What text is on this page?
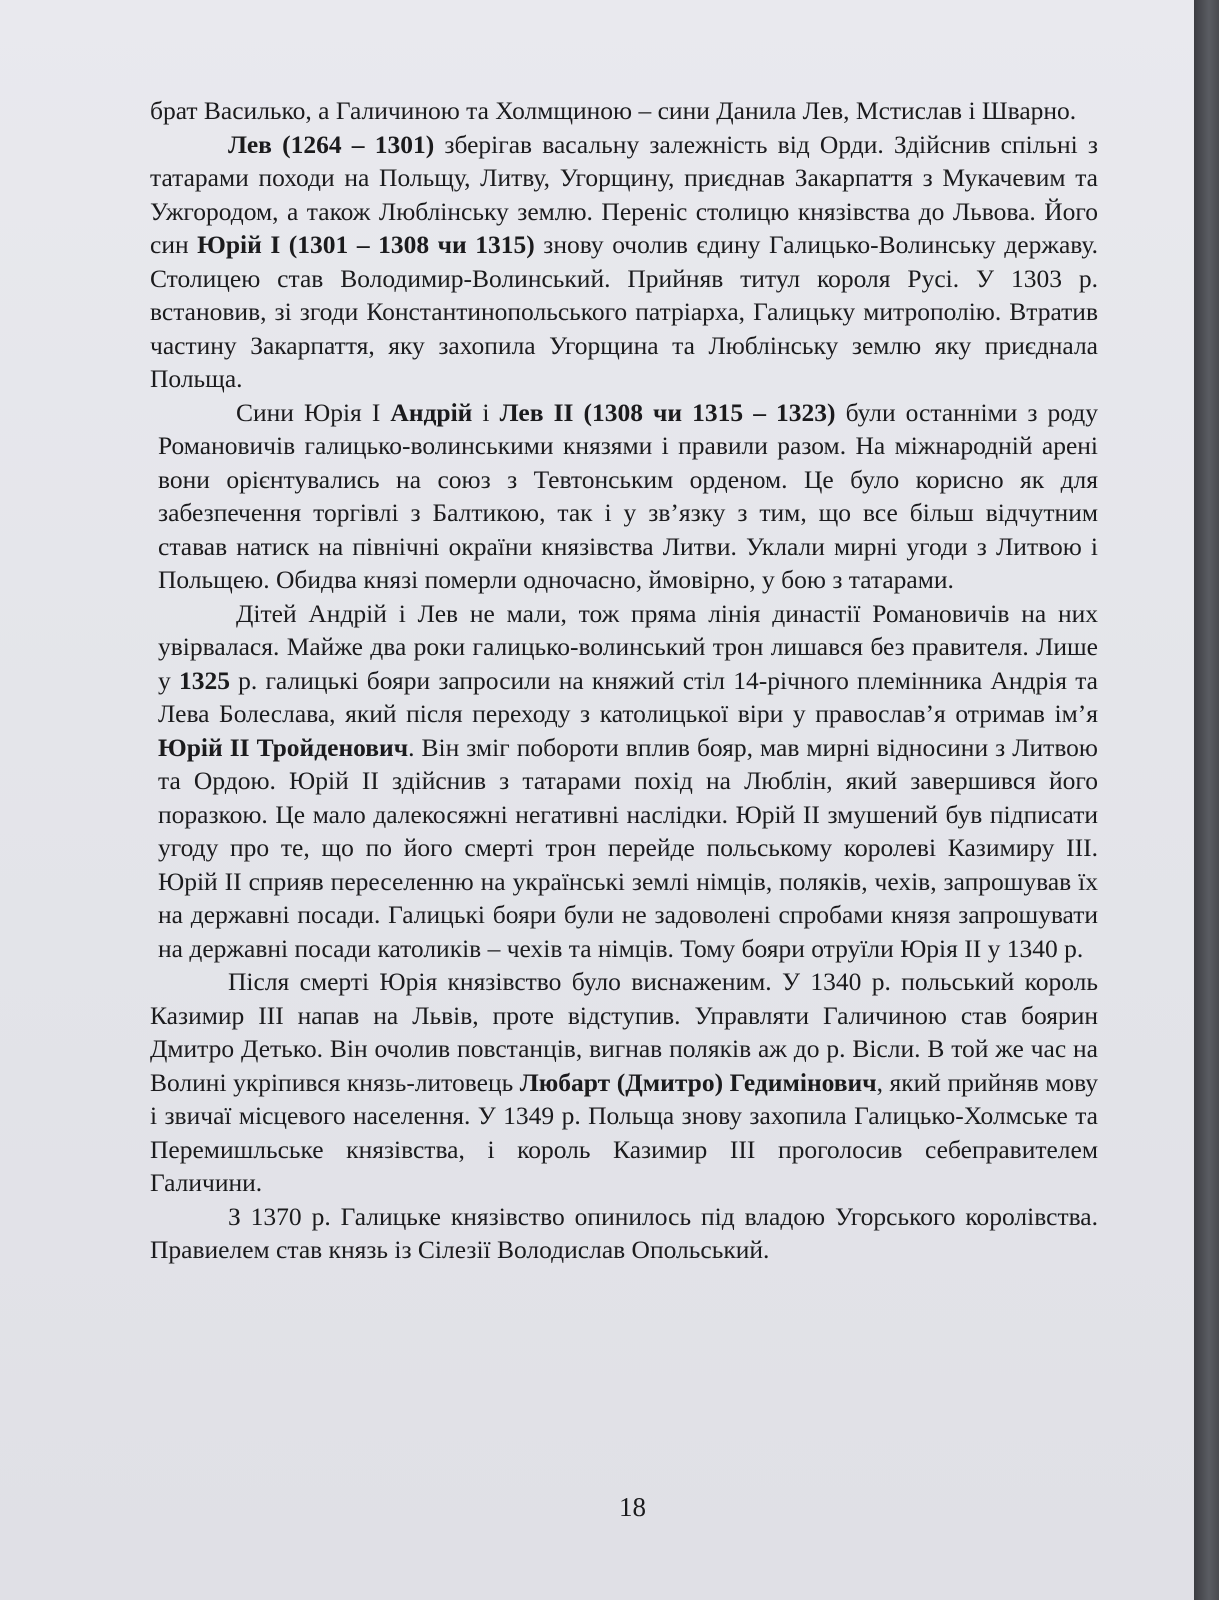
брат Василько, а Галичиною та Холмщиною – сини Данила Лев, Мстислав і Шварно.

Лев (1264 – 1301) зберігав васальну залежність від Орди. Здійснив спільні з татарами походи на Польщу, Литву, Угорщину, приєднав Закарпаття з Мукачевим та Ужгородом, а також Люблінську землю. Переніс столицю князівства до Львова. Його син Юрій І (1301 – 1308 чи 1315) знову очолив єдину Галицько-Волинську державу. Столицею став Володимир-Волинський. Прийняв титул короля Русі. У 1303 р. встановив, зі згоди Константинопольського патріарха, Галицьку митрополію. Втратив частину Закарпаття, яку захопила Угорщина та Люблінську землю яку приєднала Польща.

Сини Юрія І Андрій і Лев ІІ (1308 чи 1315 – 1323) були останніми з роду Романовичів галицько-волинськими князями і правили разом. На міжнародній арені вони орієнтувались на союз з Тевтонським орденом. Це було корисно як для забезпечення торгівлі з Балтикою, так і у зв’язку з тим, що все більш відчутним ставав натиск на північні окраїни князівства Литви. Уклали мирні угоди з Литвою і Польщею. Обидва князі померли одночасно, ймовірно, у бою з татарами.

Дітей Андрій і Лев не мали, тож пряма лінія династії Романовичів на них увірвалася. Майже два роки галицько-волинський трон лишався без правителя. Лише у 1325 р. галицькі бояри запросили на княжий стіл 14-річного племінника Андрія та Лева Болеслава, який після переходу з католицької віри у православ’я отримав ім’я Юрій ІІ Тройденович. Він зміг побороти вплив бояр, мав мирні відносини з Литвою та Ордою. Юрій ІІ здійснив з татарами похід на Люблін, який завершився його поразкою. Це мало далекосяжні негативні наслідки. Юрій ІІ змушений був підписати угоду про те, що по його смерті трон перейде польському королеві Казимиру ІІІ. Юрій ІІ сприяв переселенню на українські землі німців, поляків, чехів, запрошував їх на державні посади. Галицькі бояри були не задоволені спробами князя запрошувати на державні посади католиків – чехів та німців. Тому бояри отруїли Юрія ІІ у 1340 р.

Після смерті Юрія князівство було виснаженим. У 1340 р. польський король Казимир ІІІ напав на Львів, проте відступив. Управляти Галичиною став боярин Дмитро Детько. Він очолив повстанців, вигнав поляків аж до р. Вісли. В той же час на Волині укріпився князь-литовець Любарт (Дмитро) Гедимінович, який прийняв мову і звичаї місцевого населення. У 1349 р. Польща знову захопила Галицько-Холмське та Перемишльське князівства, і король Казимир ІІІ проголосив себеправителем Галичини.

З 1370 р. Галицьке князівство опинилось під владою Угорського королівства. Правиелем став князь із Сілезії Володислав Опольський.

18
